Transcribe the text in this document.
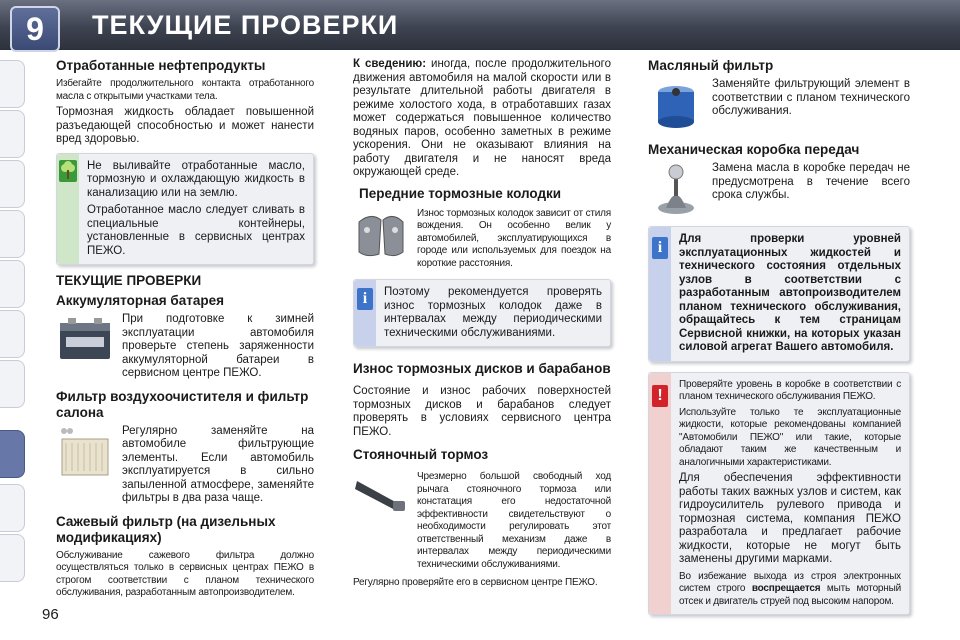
9	ТЕКУЩИЕ ПРОВЕРКИ
96
Отработанные нефтепродукты
Избегайте продолжительного контакта отработанного масла с открытыми участками тела.
Тормозная жидкость обладает повышенной разъедающей способностью и может нанести вред здоровью.
Не выливайте отработанные масло, тормозную и охлаждающую жидкость в канализацию или на землю.
Отработанное масло следует сливать в специальные контейнеры, установленные в сервисных центрах ПЕЖО.
ТЕКУЩИЕ ПРОВЕРКИ
Аккумуляторная батарея
При подготовке к зимней эксплуатации автомобиля проверьте степень заряженности аккумуляторной батареи в сервисном центре ПЕЖО.
Фильтр воздухоочистителя и фильтр салона
Регулярно заменяйте на автомобиле фильтрующие элементы. Если автомобиль эксплуатируется в сильно запыленной атмосфере, заменяйте фильтры в два раза чаще.
Сажевый фильтр (на дизельных модификациях)
Обслуживание сажевого фильтра должно осуществляться только в сервисных центрах ПЕЖО в строгом соответствии с планом технического обслуживания, разработанным автопроизводителем.
К сведению: иногда, после продолжительного движения автомобиля на малой скорости или в результате длительной работы двигателя в режиме холостого хода, в отработавших газах может содержаться повышенное количество водяных паров, особенно заметных в режиме ускорения. Они не оказывают влияния на работу двигателя и не наносят вреда окружающей среде.
Передние тормозные колодки
Износ тормозных колодок зависит от стиля вождения. Он особенно велик у автомобилей, эксплуатирующихся в городе или используемых для поездок на короткие расстояния.
i	Поэтому рекомендуется проверять износ тормозных колодок даже в интервалах между периодическими техническими обслуживаниями.
Износ тормозных дисков и барабанов
Состояние и износ рабочих поверхностей тормозных дисков и барабанов следует проверять в условиях сервисного центра ПЕЖО.
Стояночный тормоз
Чрезмерно большой свободный ход рычага стояночного тормоза или констатация его недостаточной эффективности свидетельствуют о необходимости регулировать этот ответственный механизм даже в интервалах между периодическими техническими обслуживаниями.
Регулярно проверяйте его в сервисном центре ПЕЖО.
Масляный фильтр
Заменяйте фильтрующий элемент в соответствии с планом технического обслуживания.
Механическая коробка передач
Замена масла в коробке передач не предусмотрена в течение всего срока службы.
i	Для проверки уровней эксплуатационных жидкостей и технического состояния отдельных узлов в соответствии с разработанным автопроизводителем планом технического обслуживания, обращайтесь к тем страницам Сервисной книжки, на которых указан силовой агрегат Вашего автомобиля.
!
Проверяйте уровень в коробке в соответствии с планом технического обслуживания ПЕЖО.
Используйте только те эксплуатационные жидкости, которые рекомендованы компанией "Автомобили ПЕЖО" или такие, которые обладают таким же качественным и аналогичными характеристиками.
Для обеспечения эффективности работы таких важных узлов и систем, как гидроусилитель рулевого привода и тормозная система, компания ПЕЖО разработала и предлагает рабочие жидкости, которые не могут быть заменены другими марками.
Во избежание выхода из строя электронных систем строго воспрещается мыть моторный отсек и двигатель струей под высоким напором.
